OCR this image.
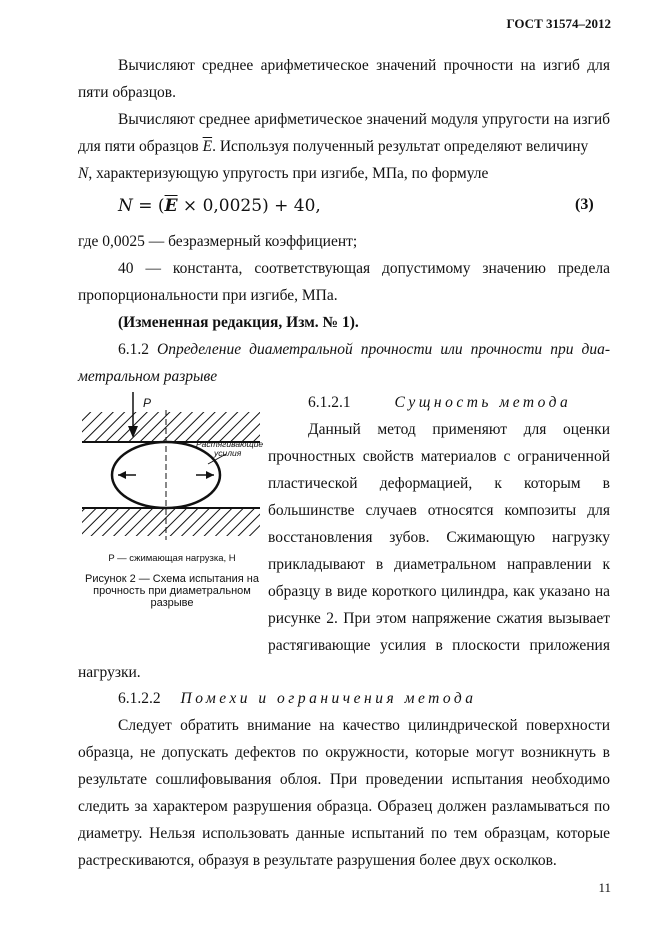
ГОСТ 31574–2012
Вычисляют среднее арифметическое значений прочности на изгиб для
пяти образцов.
Вычисляют среднее арифметическое значений модуля упругости на изгиб
для пяти образцов $\overline{E}$. Используя полученный результат определяют величину
N, характеризующую упругость при изгибе, МПа, по формуле
$N = (\overline{E} \times 0,0025) + 40$,	(3)
где 0,0025 — безразмерный коэффициент;
40 — константа, соответствующая допустимому значению предела
пропорциональности при изгибе, МПа.
(Измененная редакция, Изм. № 1).
6.1.2 Определение диаметральной прочности или прочности при диа-
метральном разрыве
6.1.2.1	Сущность метода
Данный метод применяют для оценки
прочностных свойств материалов с ограниченной
пластической деформацией, к которым в
большинстве случаев относятся композиты для
восстановления зубов. Сжимающую нагрузку
прикладывают в диаметральном направлении к
образцу в виде короткого цилиндра, как указано на
рисунке 2. При этом напряжение сжатия вызывает
растягивающие усилия в плоскости приложения
нагрузки.
P
Растягивающие
усилия
P — сжимающая нагрузка, Н
Рисунок 2 — Схема испытания на
прочность при диаметральном
разрыве
6.1.2.2 Помехи и ограничения метода
Следует обратить внимание на качество цилиндрической поверхности
образца, не допускать дефектов по окружности, которые могут возникнуть в
результате сошлифовывания облоя. При проведении испытания необходимо
следить за характером разрушения образца. Образец должен разламываться по
диаметру. Нельзя использовать данные испытаний по тем образцам, которые
растрескиваются, образуя в результате разрушения более двух осколков.
11
